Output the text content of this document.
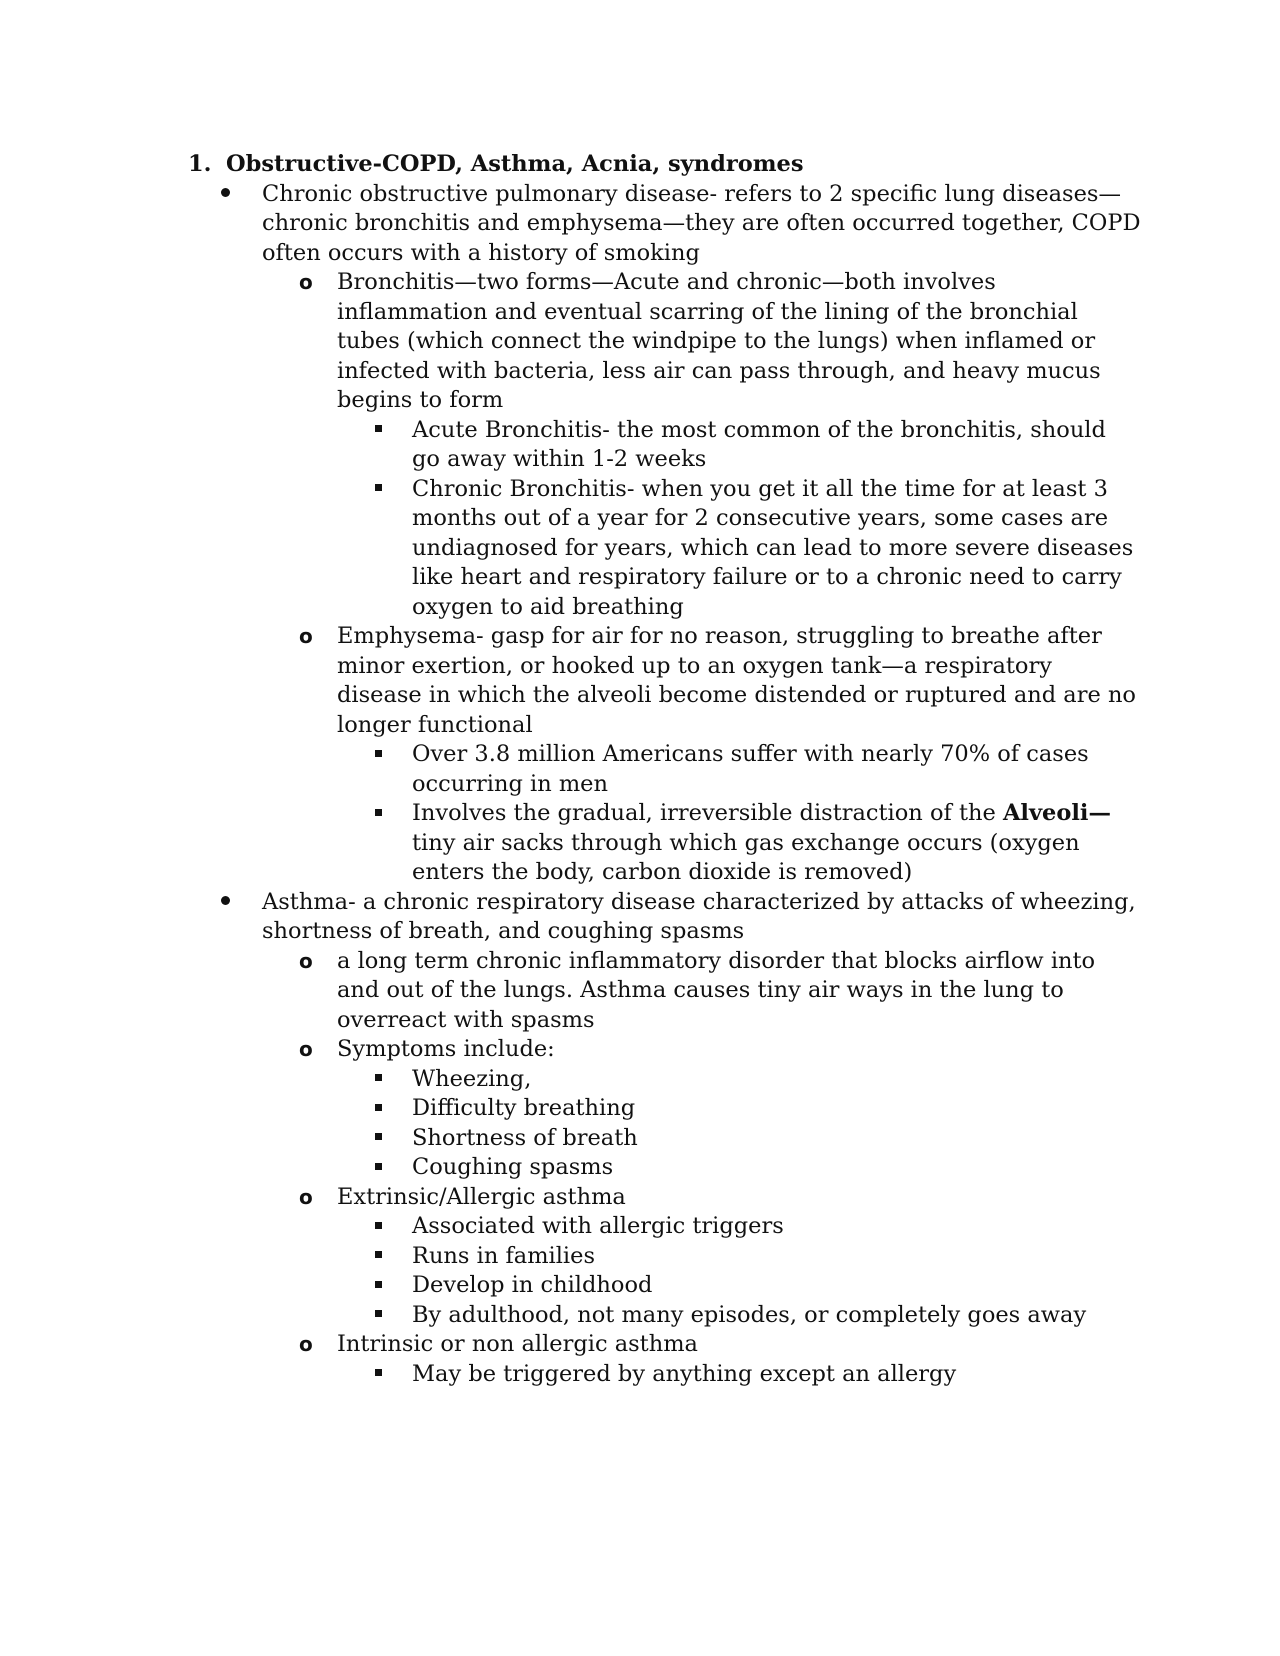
1. Obstructive-COPD, Asthma, Acnia, syndromes
Chronic obstructive pulmonary disease- refers to 2 specific lung diseases—
chronic bronchitis and emphysema—they are often occurred together, COPD
often occurs with a history of smoking
o Bronchitis—two forms—Acute and chronic—both involves
inflammation and eventual scarring of the lining of the bronchial
tubes (which connect the windpipe to the lungs) when inflamed or
infected with bacteria, less air can pass through, and heavy mucus
begins to form
Acute Bronchitis- the most common of the bronchitis, should
go away within 1-2 weeks
Chronic Bronchitis- when you get it all the time for at least 3
months out of a year for 2 consecutive years, some cases are
undiagnosed for years, which can lead to more severe diseases
like heart and respiratory failure or to a chronic need to carry
oxygen to aid breathing
o Emphysema- gasp for air for no reason, struggling to breathe after
minor exertion, or hooked up to an oxygen tank—a respiratory
disease in which the alveoli become distended or ruptured and are no
longer functional
Over 3.8 million Americans suffer with nearly 70% of cases
occurring in men
Involves the gradual, irreversible distraction of the Alveoli—
tiny air sacks through which gas exchange occurs (oxygen
enters the body, carbon dioxide is removed)
Asthma- a chronic respiratory disease characterized by attacks of wheezing,
shortness of breath, and coughing spasms
o a long term chronic inflammatory disorder that blocks airflow into
and out of the lungs. Asthma causes tiny air ways in the lung to
overreact with spasms
o Symptoms include:
Wheezing,
Difficulty breathing
Shortness of breath
Coughing spasms
o Extrinsic/Allergic asthma
Associated with allergic triggers
Runs in families
Develop in childhood
By adulthood, not many episodes, or completely goes away
o Intrinsic or non allergic asthma
May be triggered by anything except an allergy
